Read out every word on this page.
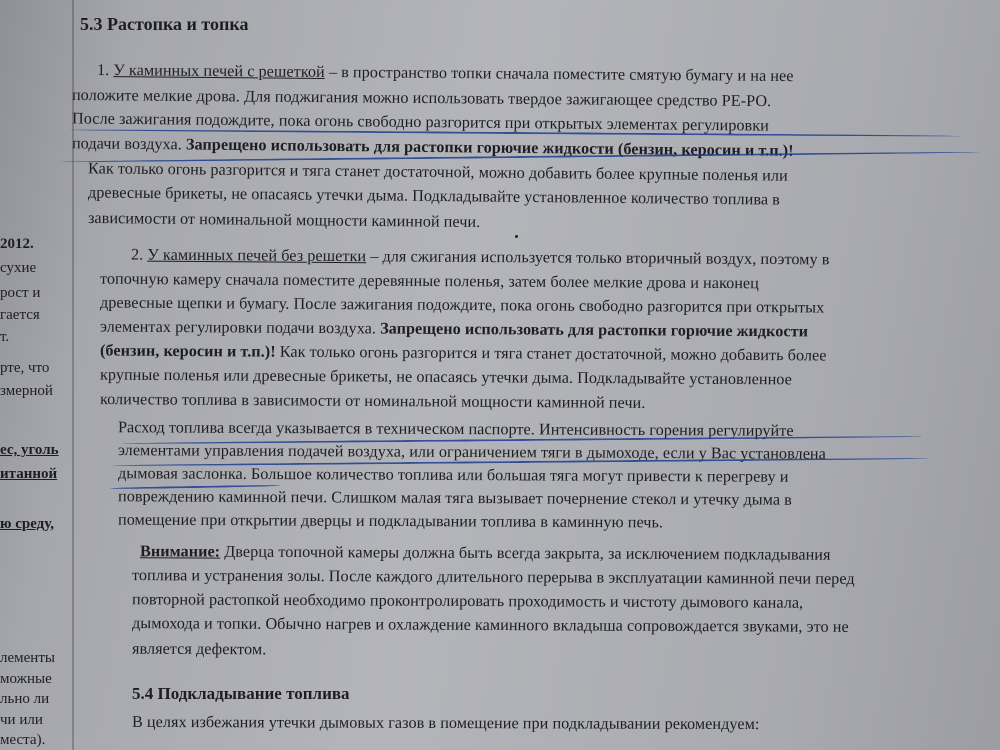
2012.
сухие
рост и
гается
т.
рте, что
змерной
ес, уголь
итанной
ю среду,
лементы
можные
льно ли
чи или
места).
5.3 Растопка и топка
1. У каминных печей с решеткой – в пространство топки сначала поместите смятую бумагу и на нее
положите мелкие дрова. Для поджигания можно использовать твердое зажигающее средство РЕ-РО.
После зажигания подождите, пока огонь свободно разгорится при открытых элементах регулировки
подачи воздуха. Запрещено использовать для растопки горючие жидкости (бензин, керосин и т.п.)!
Как только огонь разгорится и тяга станет достаточной, можно добавить более крупные поленья или
древесные брикеты, не опасаясь утечки дыма. Подкладывайте установленное количество топлива в
зависимости от номинальной мощности каминной печи.
2. У каминных печей без решетки – для сжигания используется только вторичный воздух, поэтому в
топочную камеру сначала поместите деревянные поленья, затем более мелкие дрова и наконец
древесные щепки и бумагу. После зажигания подождите, пока огонь свободно разгорится при открытых
элементах регулировки подачи воздуха. Запрещено использовать для растопки горючие жидкости
(бензин, керосин и т.п.)! Как только огонь разгорится и тяга станет достаточной, можно добавить более
крупные поленья или древесные брикеты, не опасаясь утечки дыма. Подкладывайте установленное
количество топлива в зависимости от номинальной мощности каминной печи.
Расход топлива всегда указывается в техническом паспорте. Интенсивность горения регулируйте
элементами управления подачей воздуха, или ограничением тяги в дымоходе, если у Вас установлена
дымовая заслонка. Большое количество топлива или большая тяга могут привести к перегреву и
повреждению каминной печи. Слишком малая тяга вызывает почернение стекол и утечку дыма в
помещение при открытии дверцы и подкладывании топлива в каминную печь.
Внимание: Дверца топочной камеры должна быть всегда закрыта, за исключением подкладывания
топлива и устранения золы. После каждого длительного перерыва в эксплуатации каминной печи перед
повторной растопкой необходимо проконтролировать проходимость и чистоту дымового канала,
дымохода и топки. Обычно нагрев и охлаждение каминного вкладыша сопровождается звуками, это не
является дефектом.
5.4 Подкладывание топлива
В целях избежания утечки дымовых газов в помещение при подкладывании рекомендуем:
